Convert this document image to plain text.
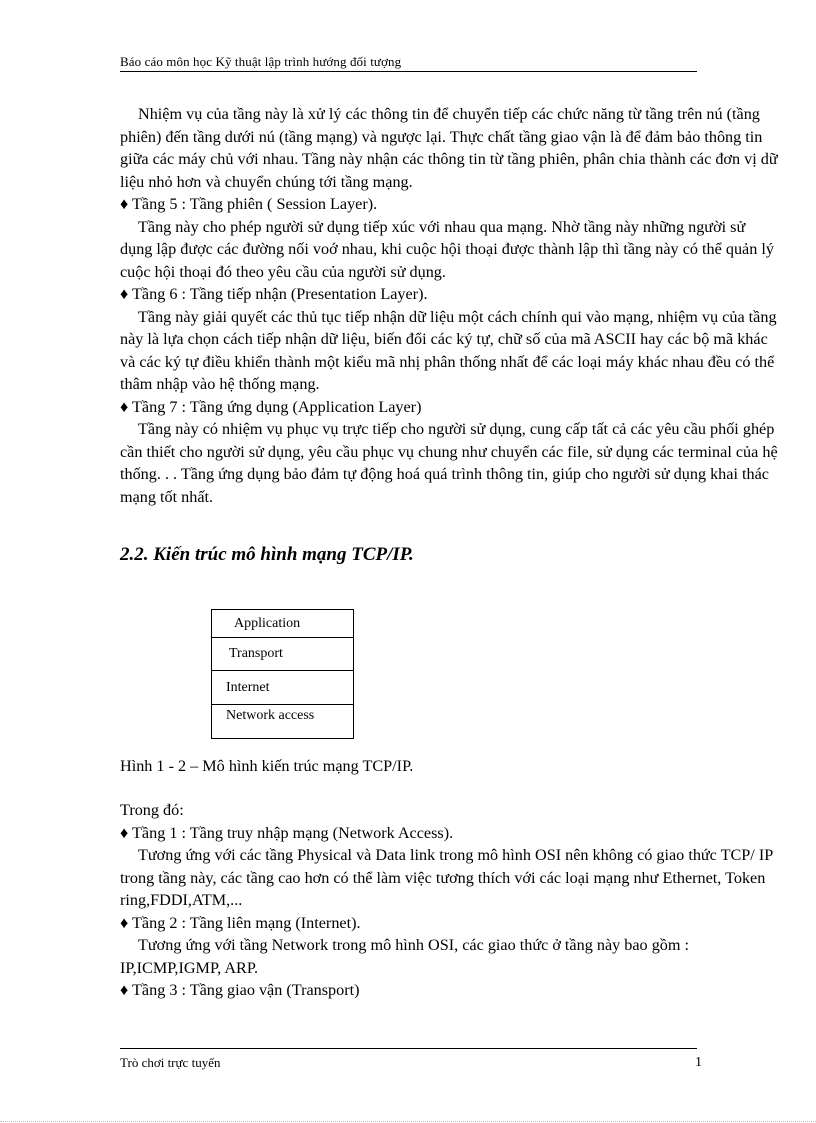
Báo cáo môn học Kỹ thuật lập trình hướng đối tượng

Nhiệm vụ của tầng này là xử lý các thông tin để chuyển tiếp các chức năng từ tầng trên nú (tầng phiên) đến tầng dưới nú (tầng mạng) và ngược lại. Thực chất tầng giao vận là để đảm bảo thông tin giữa các máy chủ với nhau. Tầng này nhận các thông tin từ tầng phiên, phân chia thành các đơn vị dữ liệu nhỏ hơn và chuyển chúng tới tầng mạng.

♦ Tầng 5 : Tầng phiên ( Session Layer).

Tầng này cho phép người sử dụng tiếp xúc với nhau qua mạng. Nhờ tầng này những người sử dụng lập được các đường nối voớ nhau, khi cuộc hội thoại được thành lập thì tầng này có thể quản lý cuộc hội thoại đó theo yêu cầu của người sử dụng.

♦ Tầng 6 : Tầng tiếp nhận (Presentation Layer).

Tầng này giải quyết các thủ tục tiếp nhận dữ liệu một cách chính qui vào mạng, nhiệm vụ của tầng này là lựa chọn cách tiếp nhận dữ liệu, biến đổi các ký tự, chữ số của mã ASCII hay các bộ mã khác và các ký tự điều khiển thành một kiểu mã nhị phân thống nhất để các loại máy khác nhau đều có thể thâm nhập vào hệ thống mạng.

♦ Tầng 7 : Tầng ứng dụng (Application Layer)

Tầng này có nhiệm vụ phục vụ trực tiếp cho người sử dụng, cung cấp tất cả các yêu cầu phối ghép cần thiết cho người sử dụng, yêu cầu phục vụ chung như chuyển các file, sử dụng các terminal của hệ thống. . . Tầng ứng dụng bảo đảm tự động hoá quá trình thông tin, giúp cho người sử dụng khai thác mạng tốt nhất.

2.2. Kiến trúc mô hình mạng TCP/IP.
Application
Transport
Internet
Network access
Hình 1 - 2 – Mô hình kiến trúc mạng TCP/IP.

Trong đó:

♦ Tầng 1 : Tầng truy nhập mạng (Network Access).

Tương ứng với các tầng Physical và Data link trong mô hình OSI nên không có giao thức TCP/ IP trong tầng này, các tầng cao hơn có thể làm việc tương thích với các loại mạng như Ethernet, Token ring,FDDI,ATM,...

♦ Tầng 2 : Tầng liên mạng (Internet).

Tương ứng với tầng Network trong mô hình OSI, các giao thức ở tầng này bao gồm : IP,ICMP,IGMP, ARP.

♦ Tầng 3 : Tầng giao vận (Transport)

Trò chơi trực tuyến	1
